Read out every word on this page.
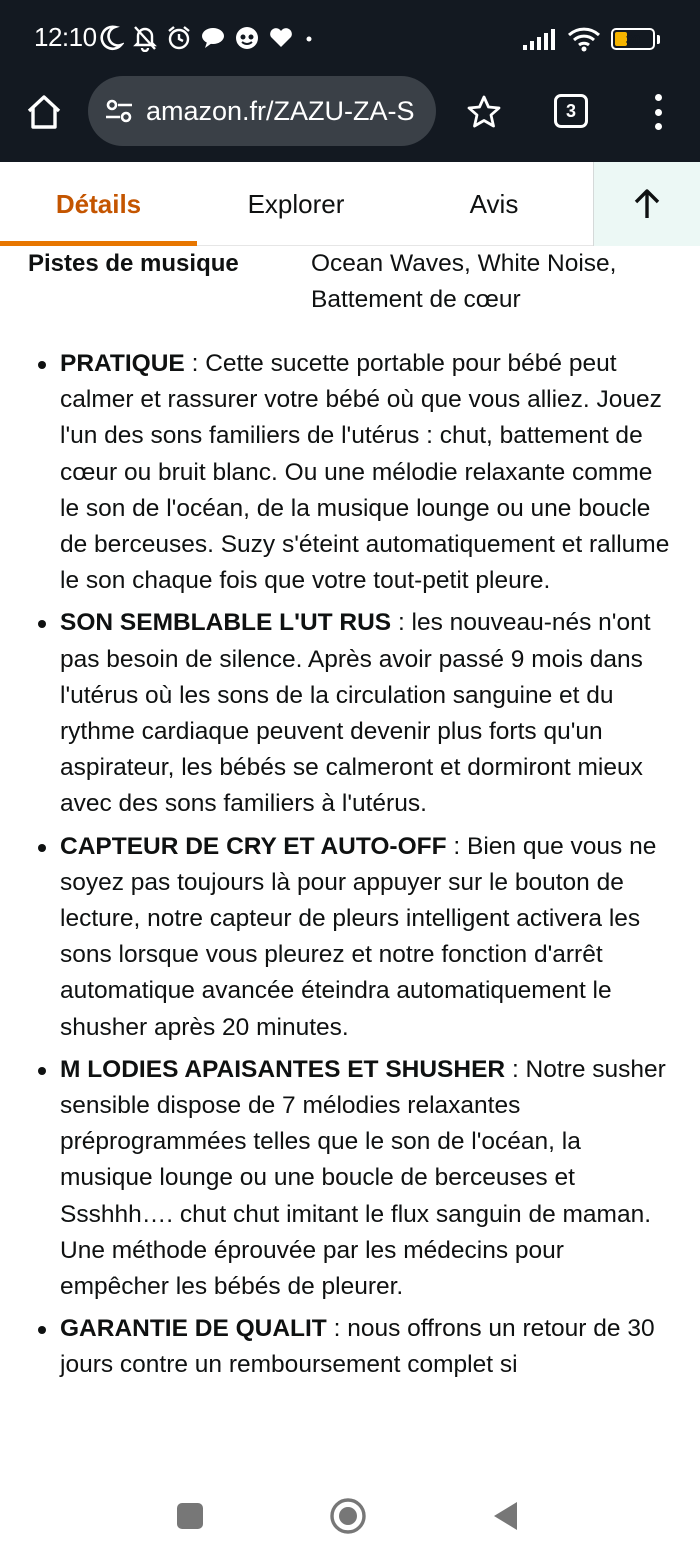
12:10	30
amazon.fr/ZAZU-ZA-S	3
Détails	Explorer	Avis
Pistes de musique	Ocean Waves, White Noise, Battement de cœur
PRATIQUE : Cette sucette portable pour bébé peut calmer et rassurer votre bébé où que vous alliez. Jouez l'un des sons familiers de l'utérus : chut, battement de cœur ou bruit blanc. Ou une mélodie relaxante comme le son de l'océan, de la musique lounge ou une boucle de berceuses. Suzy s'éteint automatiquement et rallume le son chaque fois que votre tout-petit pleure.
SON SEMBLABLE L'UT RUS : les nouveau-nés n'ont pas besoin de silence. Après avoir passé 9 mois dans l'utérus où les sons de la circulation sanguine et du rythme cardiaque peuvent devenir plus forts qu'un aspirateur, les bébés se calmeront et dormiront mieux avec des sons familiers à l'utérus.
CAPTEUR DE CRY ET AUTO-OFF : Bien que vous ne soyez pas toujours là pour appuyer sur le bouton de lecture, notre capteur de pleurs intelligent activera les sons lorsque vous pleurez et notre fonction d'arrêt automatique avancée éteindra automatiquement le shusher après 20 minutes.
M LODIES APAISANTES ET SHUSHER : Notre susher sensible dispose de 7 mélodies relaxantes préprogrammées telles que le son de l'océan, la musique lounge ou une boucle de berceuses et Ssshhh…. chut chut imitant le flux sanguin de maman. Une méthode éprouvée par les médecins pour empêcher les bébés de pleurer.
GARANTIE DE QUALIT : nous offrons un retour de 30 jours contre un remboursement complet si
